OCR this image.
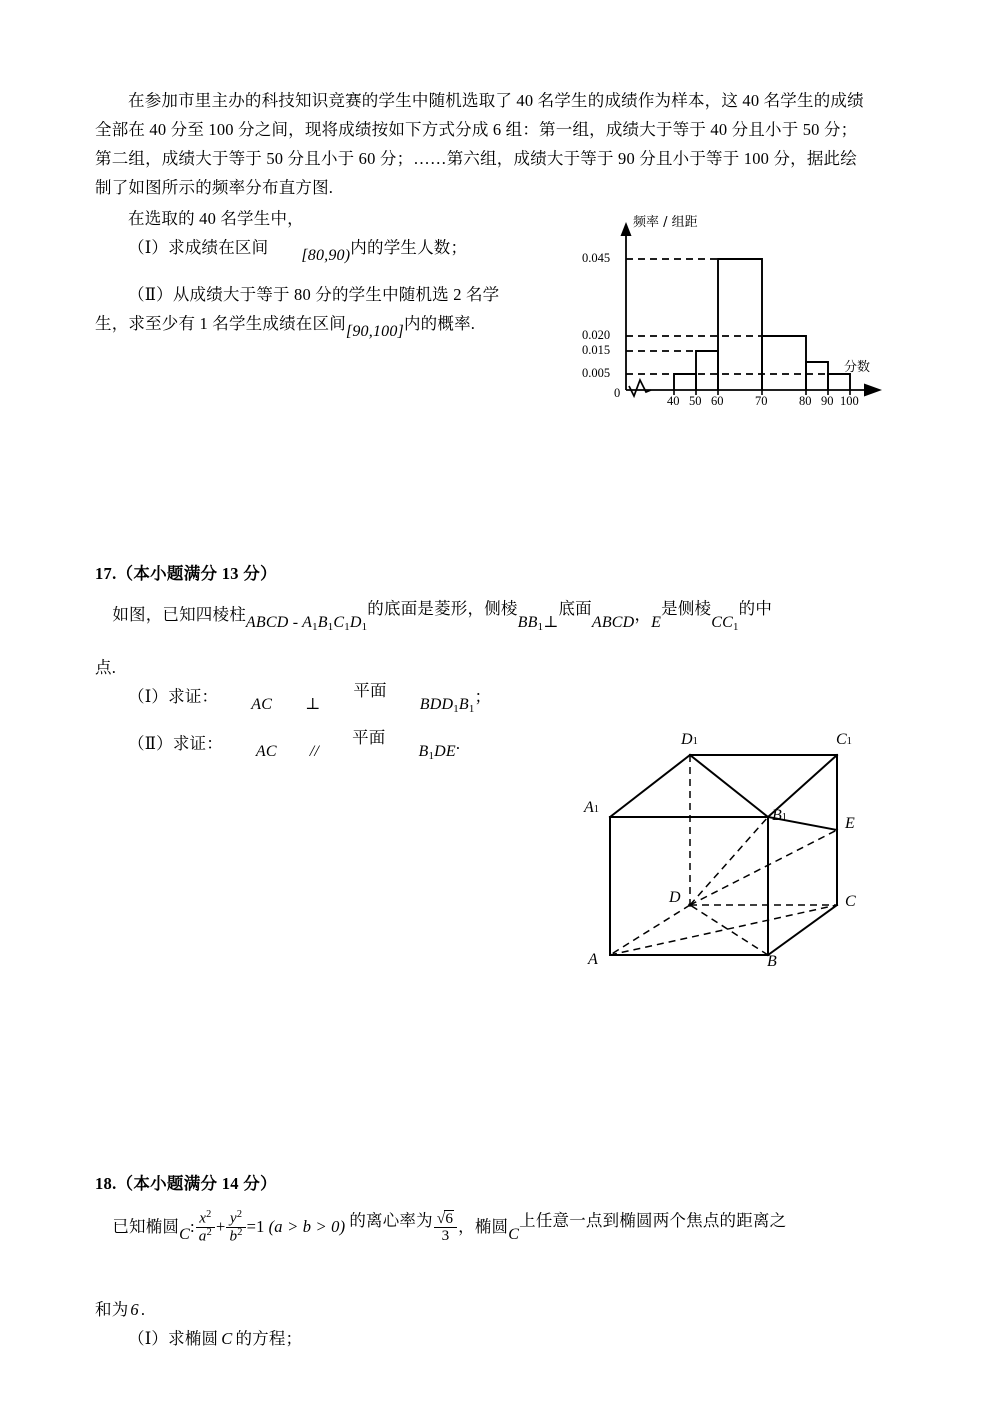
在参加市里主办的科技知识竞赛的学生中随机选取了 40 名学生的成绩作为样本，这 40 名学生的成绩
全部在 40 分至 100 分之间，现将成绩按如下方式分成 6 组：第一组，成绩大于等于 40 分且小于 50 分；
第二组，成绩大于等于 50 分且小于 60 分；……第六组，成绩大于等于 90 分且小于等于 100 分，据此绘
制了如图所示的频率分布直方图.
在选取的 40 名学生中，
（Ⅰ）求成绩在区间 [80,90)内的学生人数；
（Ⅱ）从成绩大于等于 80 分的学生中随机选 2 名学
生，求至少有 1 名学生成绩在区间[90,100]内的概率.
频率 / 组距
0.045
0.020
0.015
0.005
0
40 50 60	70	80 90 100
分数
17.（本小题满分 13 分）
如图，已知四棱柱ABCD - A1B1C1D1的底面是菱形，侧棱BB1⊥底面ABCD，E是侧棱CC1的中
点.
（Ⅰ）求证： AC ⊥平面BDD1B1；
（Ⅱ）求证： AC //平面B1DE.	D1	C1
A1	B1	E
D	C
A	B
18.（本小题满分 14 分）
已知椭圆C: $\frac{x^2}{a^2} + \frac{y^2}{b^2} =1$ (a > b > 0) 的离心率为 $\frac{√6}{3}$ ，椭圆C上任意一点到椭圆两个焦点的距离之
和为 6 .
（Ⅰ）求椭圆 C 的方程；
